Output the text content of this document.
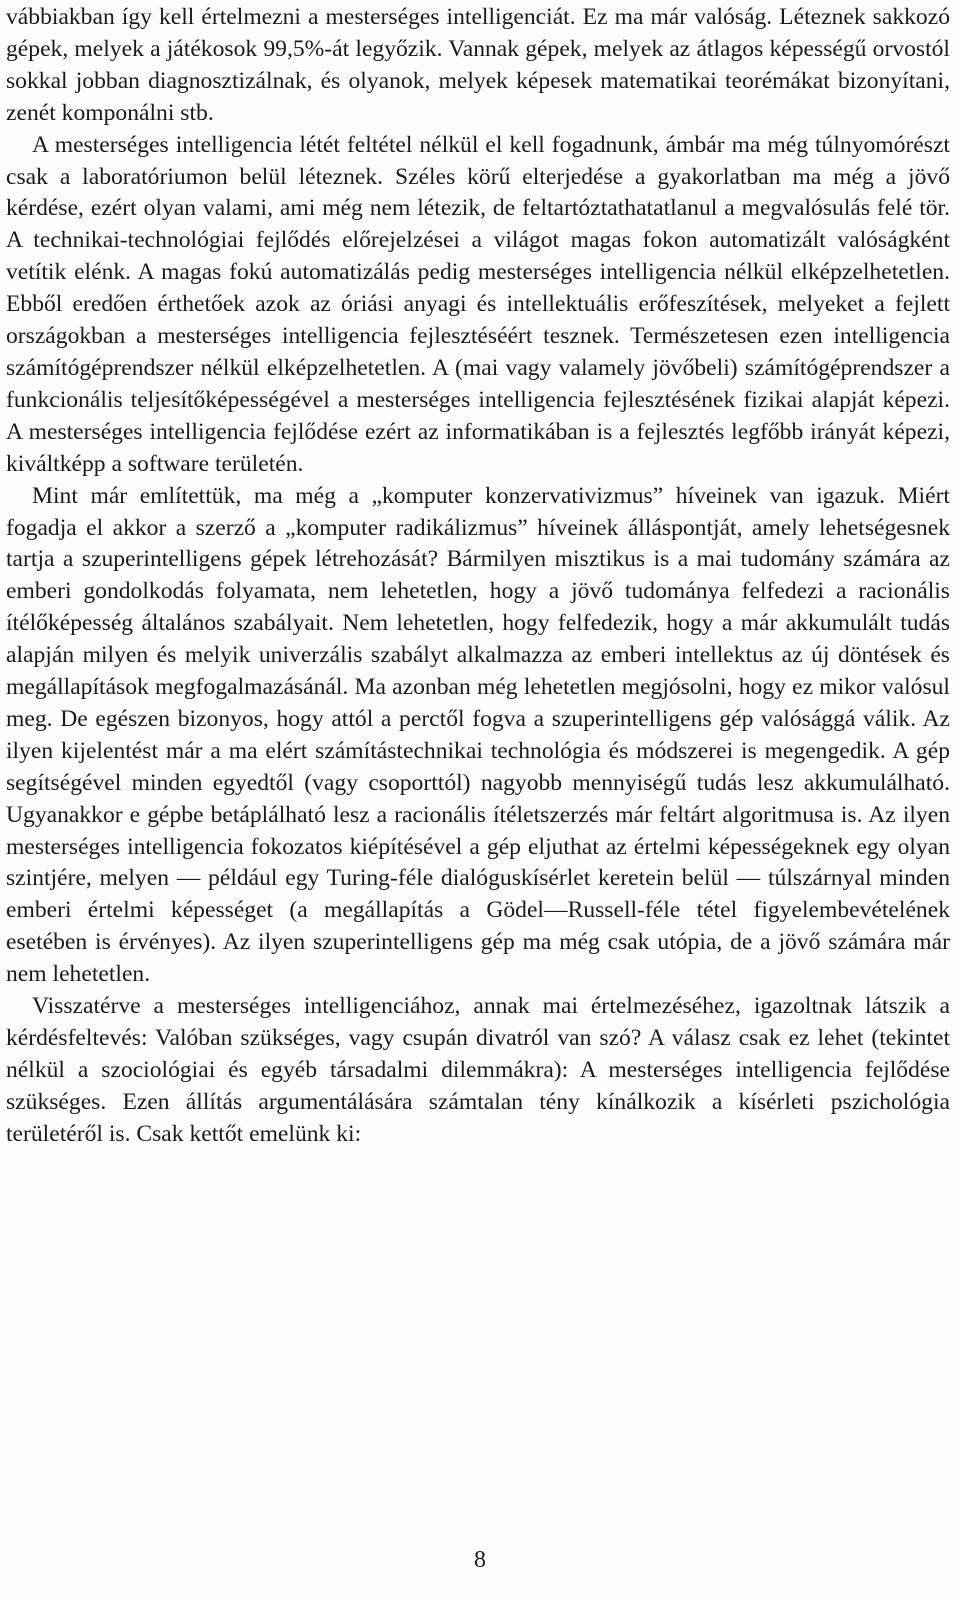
vábbiakban így kell értelmezni a mesterséges intelligenciát. Ez ma már valóság. Léteznek sakkozó gépek, melyek a játékosok 99,5%-át legyőzik. Vannak gépek, melyek az átlagos képességű orvostól sokkal jobban diagnosztizálnak, és olyanok, melyek képesek matematikai teorémákat bizonyítani, zenét komponálni stb.

A mesterséges intelligencia létét feltétel nélkül el kell fogadnunk, ámbár ma még túlnyomórészt csak a laboratóriumon belül léteznek. Széles körű elterjedése a gyakorlatban ma még a jövő kérdése, ezért olyan valami, ami még nem létezik, de feltartóztathatatlanul a megvalósulás felé tör. A technikai-technológiai fejlődés előrejelzései a világot magas fokon automatizált valóságként vetítik elénk. A magas fokú automatizálás pedig mesterséges intelligencia nélkül elképzelhetetlen. Ebből eredően érthetőek azok az óriási anyagi és intellektuális erőfeszítések, melyeket a fejlett országokban a mesterséges intelligencia fejlesztéséért tesznek. Természetesen ezen intelligencia számítógéprendszer nélkül elképzelhetetlen. A (mai vagy valamely jövőbeli) számítógéprendszer a funkcionális teljesítőképességével a mesterséges intelligencia fejlesztésének fizikai alapját képezi. A mesterséges intelligencia fejlődése ezért az informatikában is a fejlesztés legfőbb irányát képezi, kiváltképp a software területén.

Mint már említettük, ma még a „komputer konzervativizmus” híveinek van igazuk. Miért fogadja el akkor a szerző a „komputer radikálizmus” híveinek álláspontját, amely lehetségesnek tartja a szuperintelligens gépek létrehozását? Bármilyen misztikus is a mai tudomány számára az emberi gondolkodás folyamata, nem lehetetlen, hogy a jövő tudománya felfedezi a racionális ítélőképesség általános szabályait. Nem lehetetlen, hogy felfedezik, hogy a már akkumulált tudás alapján milyen és melyik univerzális szabályt alkalmazza az emberi intellektus az új döntések és megállapítások megfogalmazásánál. Ma azonban még lehetetlen megjósolni, hogy ez mikor valósul meg. De egészen bizonyos, hogy attól a perctől fogva a szuperintelligens gép valósággá válik. Az ilyen kijelentést már a ma elért számítástechnikai technológia és módszerei is megengedik. A gép segítségével minden egyedtől (vagy csoporttól) nagyobb mennyiségű tudás lesz akkumulálható. Ugyanakkor e gépbe betáplálható lesz a racionális ítéletszerzés már feltárt algoritmusa is. Az ilyen mesterséges intelligencia fokozatos kiépítésével a gép eljuthat az értelmi képességeknek egy olyan szintjére, melyen — például egy Turing-féle dialóguskísérlet keretein belül — túlszárnyal minden emberi értelmi képességet (a megállapítás a Gödel—Russell-féle tétel figyelembevételének esetében is érvényes). Az ilyen szuperintelligens gép ma még csak utópia, de a jövő számára már nem lehetetlen.

Visszatérve a mesterséges intelligenciához, annak mai értelmezéséhez, igazoltnak látszik a kérdésfeltevés: Valóban szükséges, vagy csupán divatról van szó? A válasz csak ez lehet (tekintet nélkül a szociológiai és egyéb társadalmi dilemmákra): A mesterséges intelligencia fejlődése szükséges. Ezen állítás argumentálására számtalan tény kínálkozik a kísérleti pszichológia területéről is. Csak kettőt emelünk ki:

8
